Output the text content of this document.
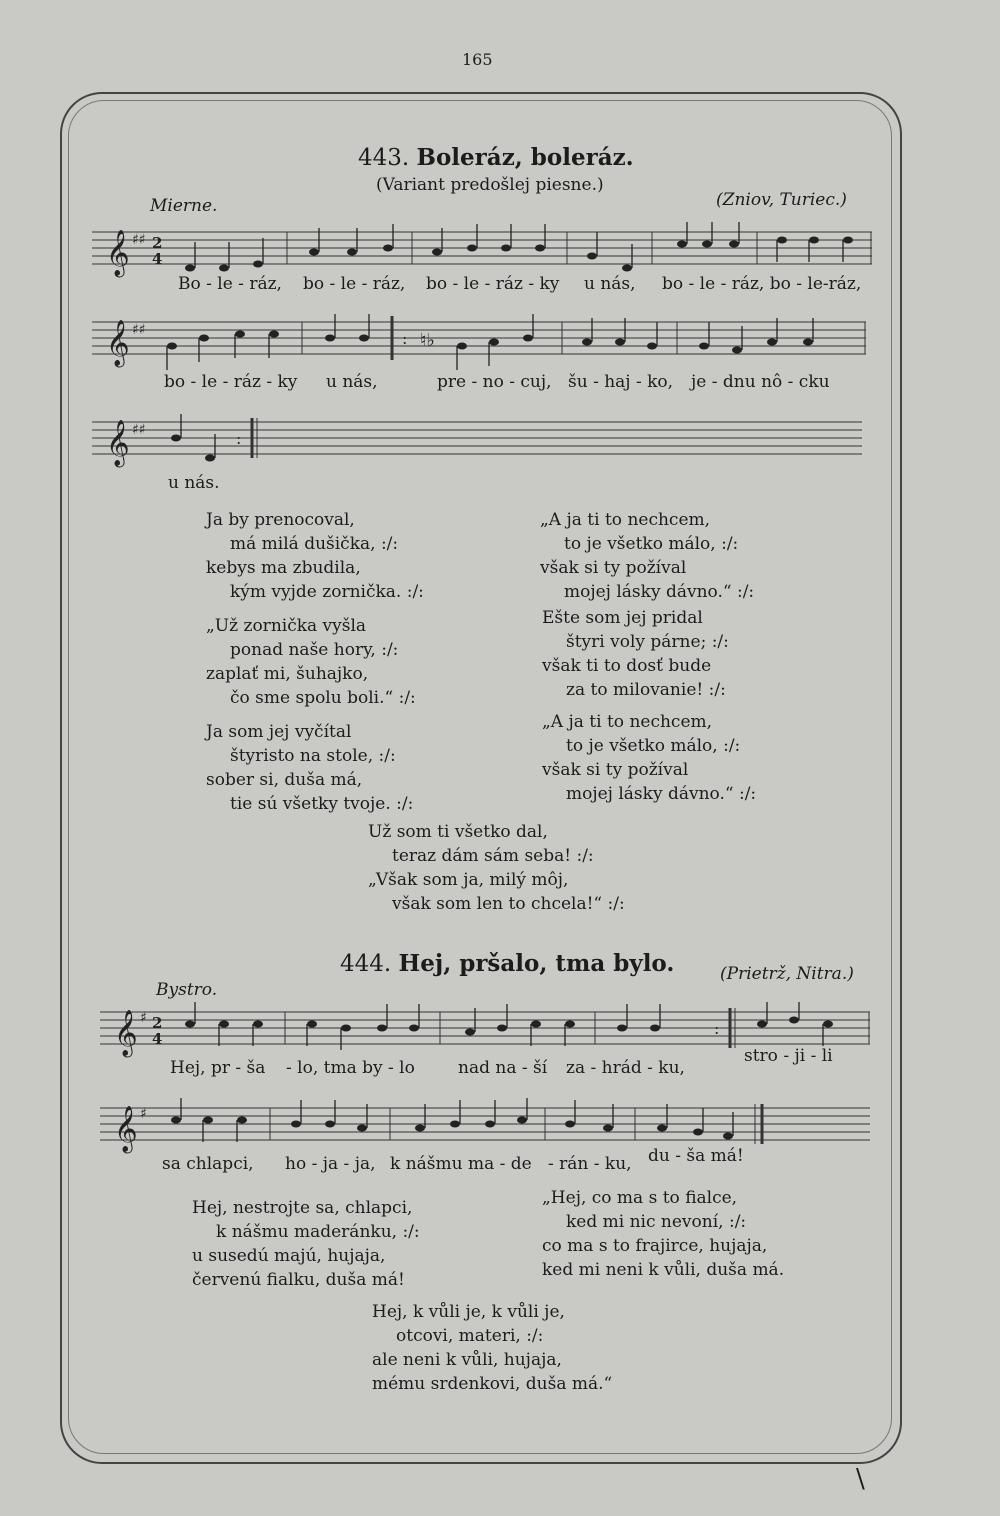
165
443. Boleráz, boleráz.
(Variant predošlej piesne.)
Mierne.	(Zniov, Turiec.)
𝄞 ♯♯ 2
4
Bo - le - ráz, bo - le - ráz, bo - le - ráz - ky u nás, bo - le - ráz, bo - le-ráz,
𝄞 ♯♯	: ♮♭
bo - le - ráz - ky u nás,	pre - no - cuj, šu - haj - ko, je - dnu nô - cku
𝄞 ♯♯	:
u nás.
Ja by prenocoval,
má milá dušička, :/:
kebys ma zbudila,
kým vyjde zornička. :/:
„Už zornička vyšla
ponad naše hory, :/:
zaplať mi, šuhajko,
čo sme spolu boli.“ :/:
Ja som jej vyčítal
štyristo na stole, :/:
sober si, duša má,
tie sú všetky tvoje. :/:
„A ja ti to nechcem,
to je všetko málo, :/:
však si ty požíval
mojej lásky dávno.“ :/:
Ešte som jej pridal
štyri voly párne; :/:
však ti to dosť bude
za to milovanie! :/:
„A ja ti to nechcem,
to je všetko málo, :/:
však si ty požíval
mojej lásky dávno.“ :/:
Už som ti všetko dal,
teraz dám sám seba! :/:
„Však som ja, milý môj,
však som len to chcela!“ :/:
444. Hej, pršalo, tma bylo.
Bystro.
(Prietrž, Nitra.)
𝄞 ♯ 2
4
:
Hej, pr - ša - lo, tma by - lo	nad na - ší za - hrád - ku,
stro - ji - li
𝄞 ♯
sa chlapci, ho - ja - ja, k nášmu ma - de - rán - ku, du - ša má!
Hej, nestrojte sa, chlapci,
k nášmu maderánku, :/:
u susedú majú, hujaja,
červenú fialku, duša má!
„Hej, co ma s to fialce,
ked mi nic nevoní, :/:
co ma s to frajirce, hujaja,
ked mi neni k vůli, duša má.
Hej, k vůli je, k vůli je,
otcovi, materi, :/:
ale neni k vůli, hujaja,
mému srdenkovi, duša má.“
\
